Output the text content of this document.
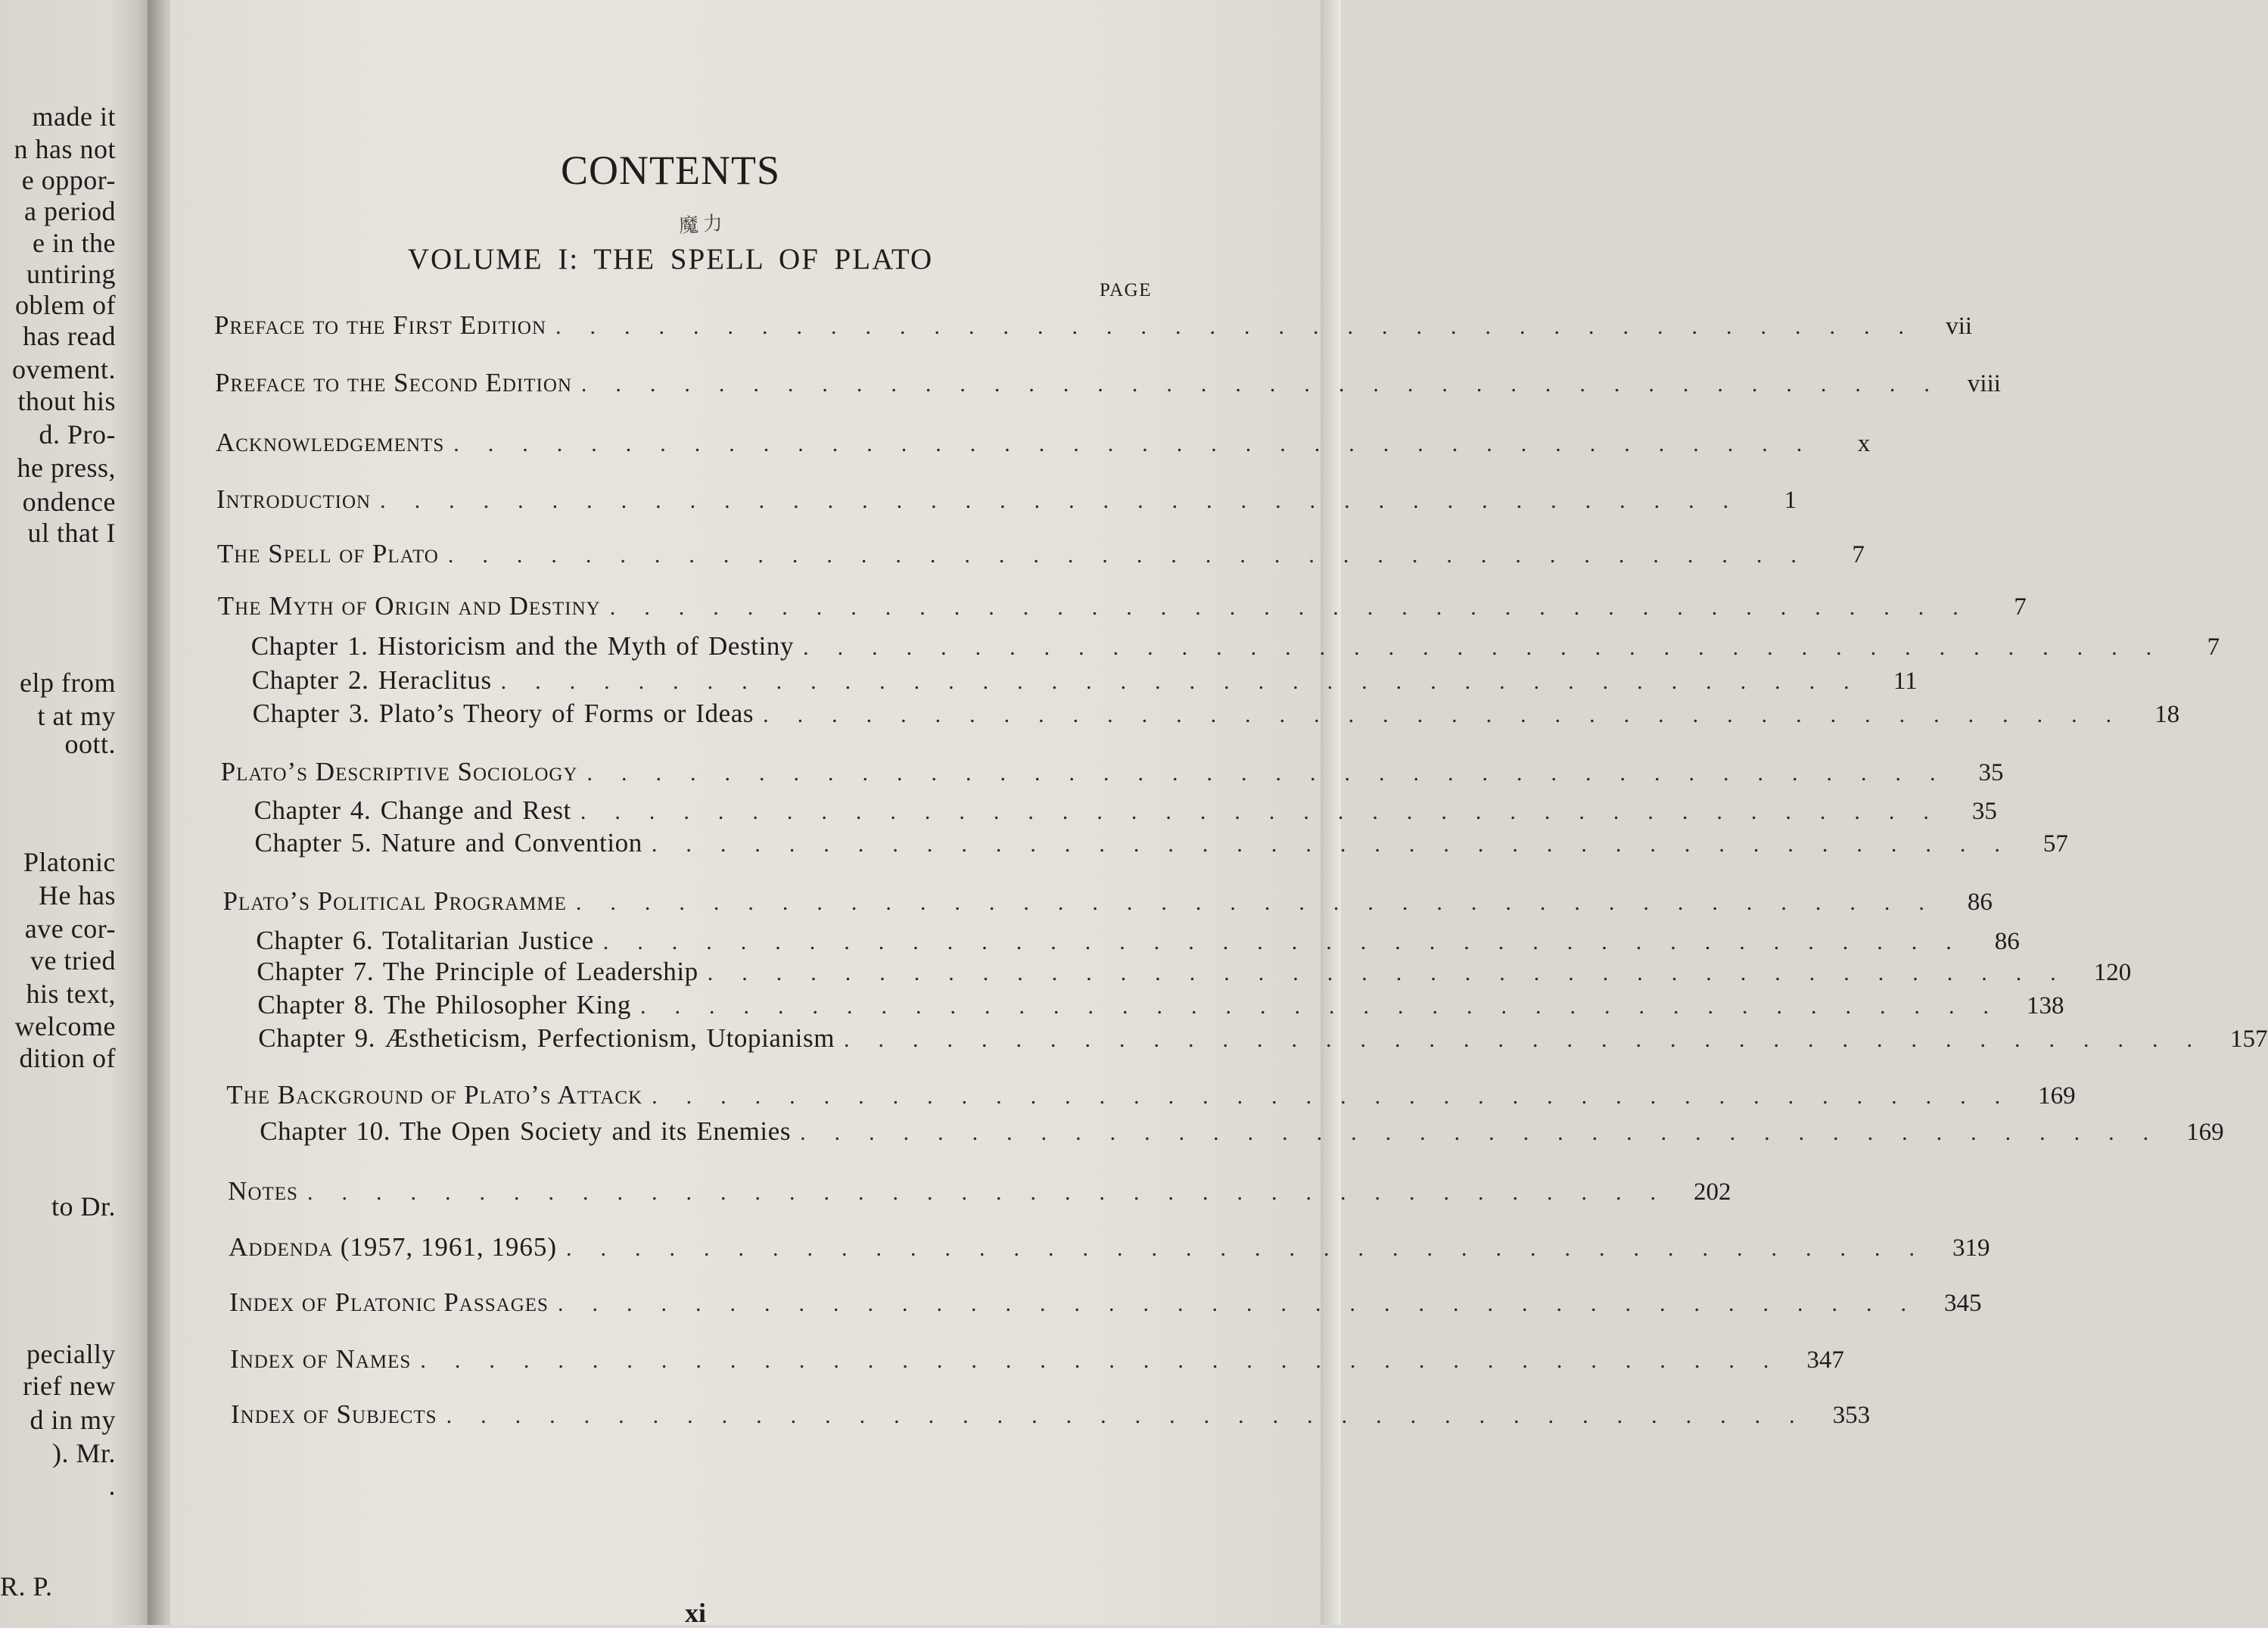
made it
n has not
e oppor-
a period
e in the
untiring
oblem of
has read
ovement.
thout his
d. Pro-
he press,
ondence
ul that I
elp from
t at my
oott.
Platonic
He has
ave cor-
ve tried
his text,
welcome
dition of
to Dr.
pecially
rief new
d in my
). Mr.
.
R. P.
CONTENTS
魔力
VOLUME I: THE SPELL OF PLATO
PAGE
Preface to the First Edition ........................................ vii
Preface to the Second Edition ........................................ viii
Acknowledgements ........................................	x
Introduction ........................................	1
The Spell of Plato ........................................	7
The Myth of Origin and Destiny ........................................	7
Chapter 1. Historicism and the Myth of Destiny ........................................	7
Chapter 2. Heraclitus ........................................ 11
Chapter 3. Plato’s Theory of Forms or Ideas ........................................ 18
Plato’s Descriptive Sociology ........................................ 35
Chapter 4. Change and Rest ........................................ 35
Chapter 5. Nature and Convention ........................................ 57
Plato’s Political Programme ........................................ 86
Chapter 6. Totalitarian Justice ........................................ 86
Chapter 7. The Principle of Leadership ........................................ 120
Chapter 8. The Philosopher King ........................................ 138
Chapter 9. Æstheticism, Perfectionism, Utopianism ........................................ 157
The Background of Plato’s Attack ........................................ 169
Chapter 10. The Open Society and its Enemies ........................................ 169
Notes ........................................ 202
Addenda (1957, 1961, 1965) ........................................ 319
Index of Platonic Passages ........................................ 345
Index of Names ........................................ 347
Index of Subjects ........................................ 353
xi
